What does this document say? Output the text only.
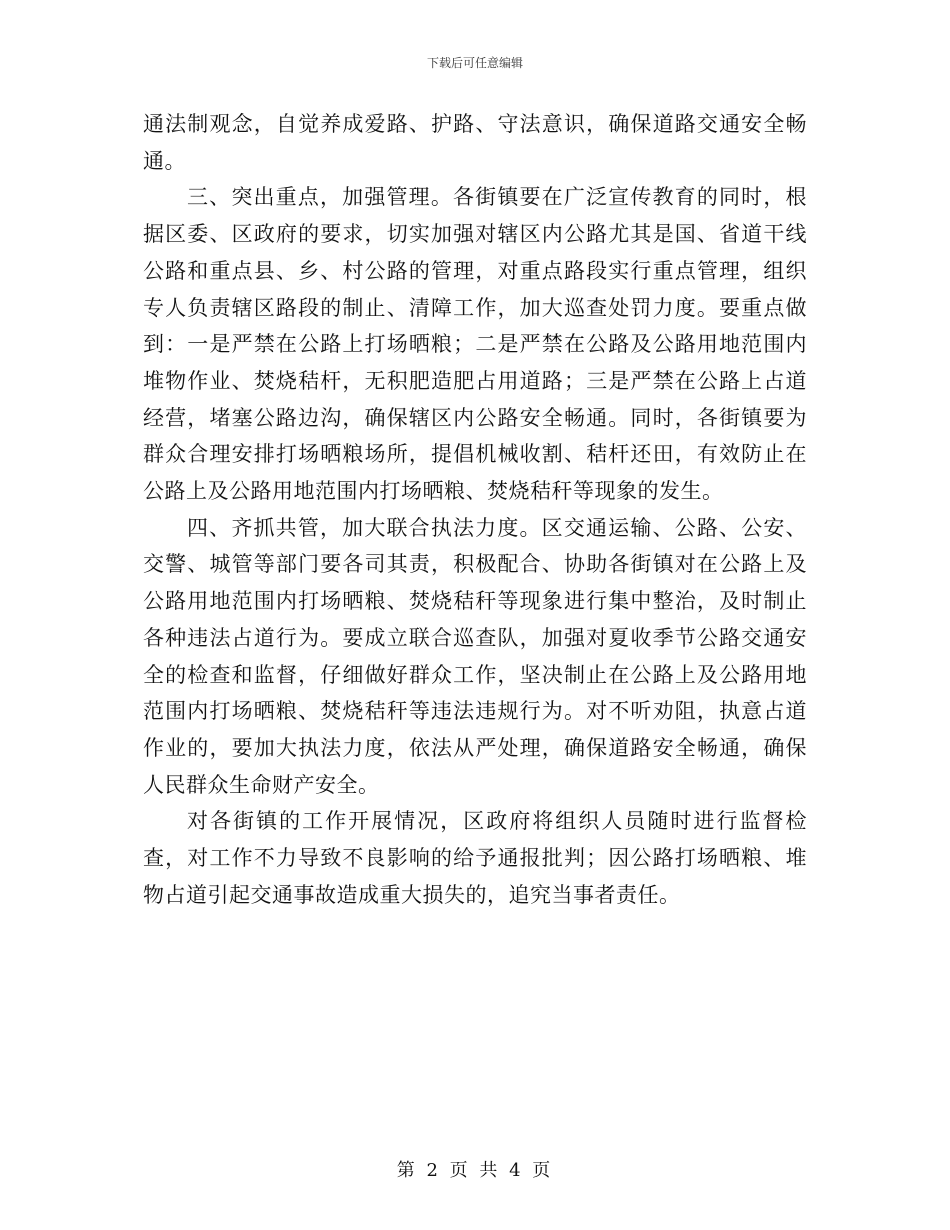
下载后可任意编辑

通法制观念，自觉养成爱路、护路、守法意识，确保道路交通安全畅通。

三、突出重点，加强管理。各街镇要在广泛宣传教育的同时，根据区委、区政府的要求，切实加强对辖区内公路尤其是国、省道干线公路和重点县、乡、村公路的管理，对重点路段实行重点管理，组织专人负责辖区路段的制止、清障工作，加大巡查处罚力度。要重点做到：一是严禁在公路上打场晒粮；二是严禁在公路及公路用地范围内堆物作业、焚烧秸杆，无积肥造肥占用道路；三是严禁在公路上占道经营，堵塞公路边沟，确保辖区内公路安全畅通。同时，各街镇要为群众合理安排打场晒粮场所，提倡机械收割、秸杆还田，有效防止在公路上及公路用地范围内打场晒粮、焚烧秸秆等现象的发生。

四、齐抓共管，加大联合执法力度。区交通运输、公路、公安、交警、城管等部门要各司其责，积极配合、协助各街镇对在公路上及公路用地范围内打场晒粮、焚烧秸秆等现象进行集中整治，及时制止各种违法占道行为。要成立联合巡查队，加强对夏收季节公路交通安全的检查和监督，仔细做好群众工作，坚决制止在公路上及公路用地范围内打场晒粮、焚烧秸秆等违法违规行为。对不听劝阻，执意占道作业的，要加大执法力度，依法从严处理，确保道路安全畅通，确保人民群众生命财产安全。

对各街镇的工作开展情况，区政府将组织人员随时进行监督检查，对工作不力导致不良影响的给予通报批判；因公路打场晒粮、堆物占道引起交通事故造成重大损失的，追究当事者责任。

第 2 页 共 4 页
